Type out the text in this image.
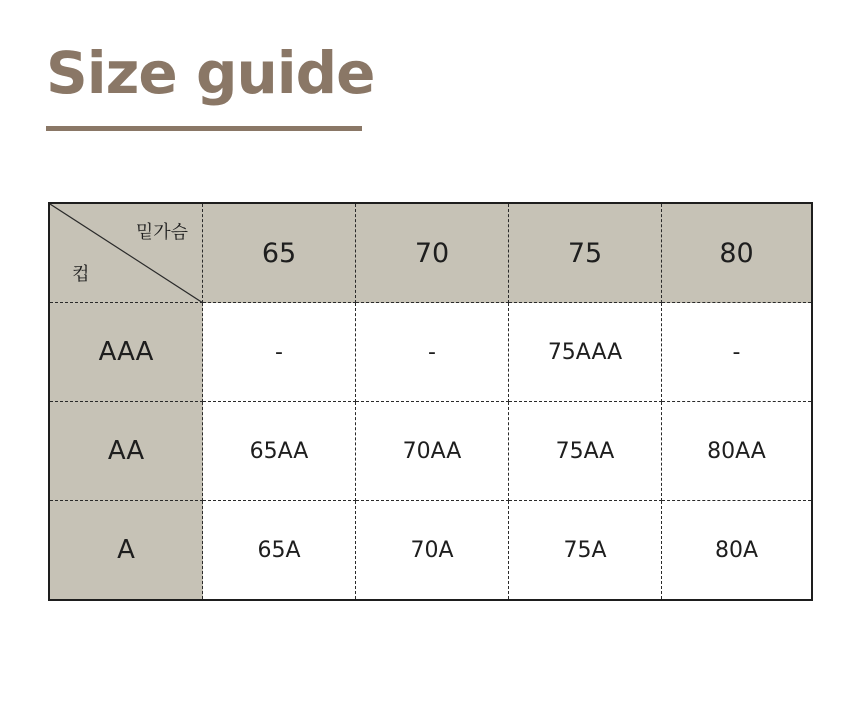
Size guide
밑가슴
컵
65	70	75	80
AAA	-	-	75AAA	-
AA	65AA	70AA	75AA	80AA
A	65A	70A	75A	80A
